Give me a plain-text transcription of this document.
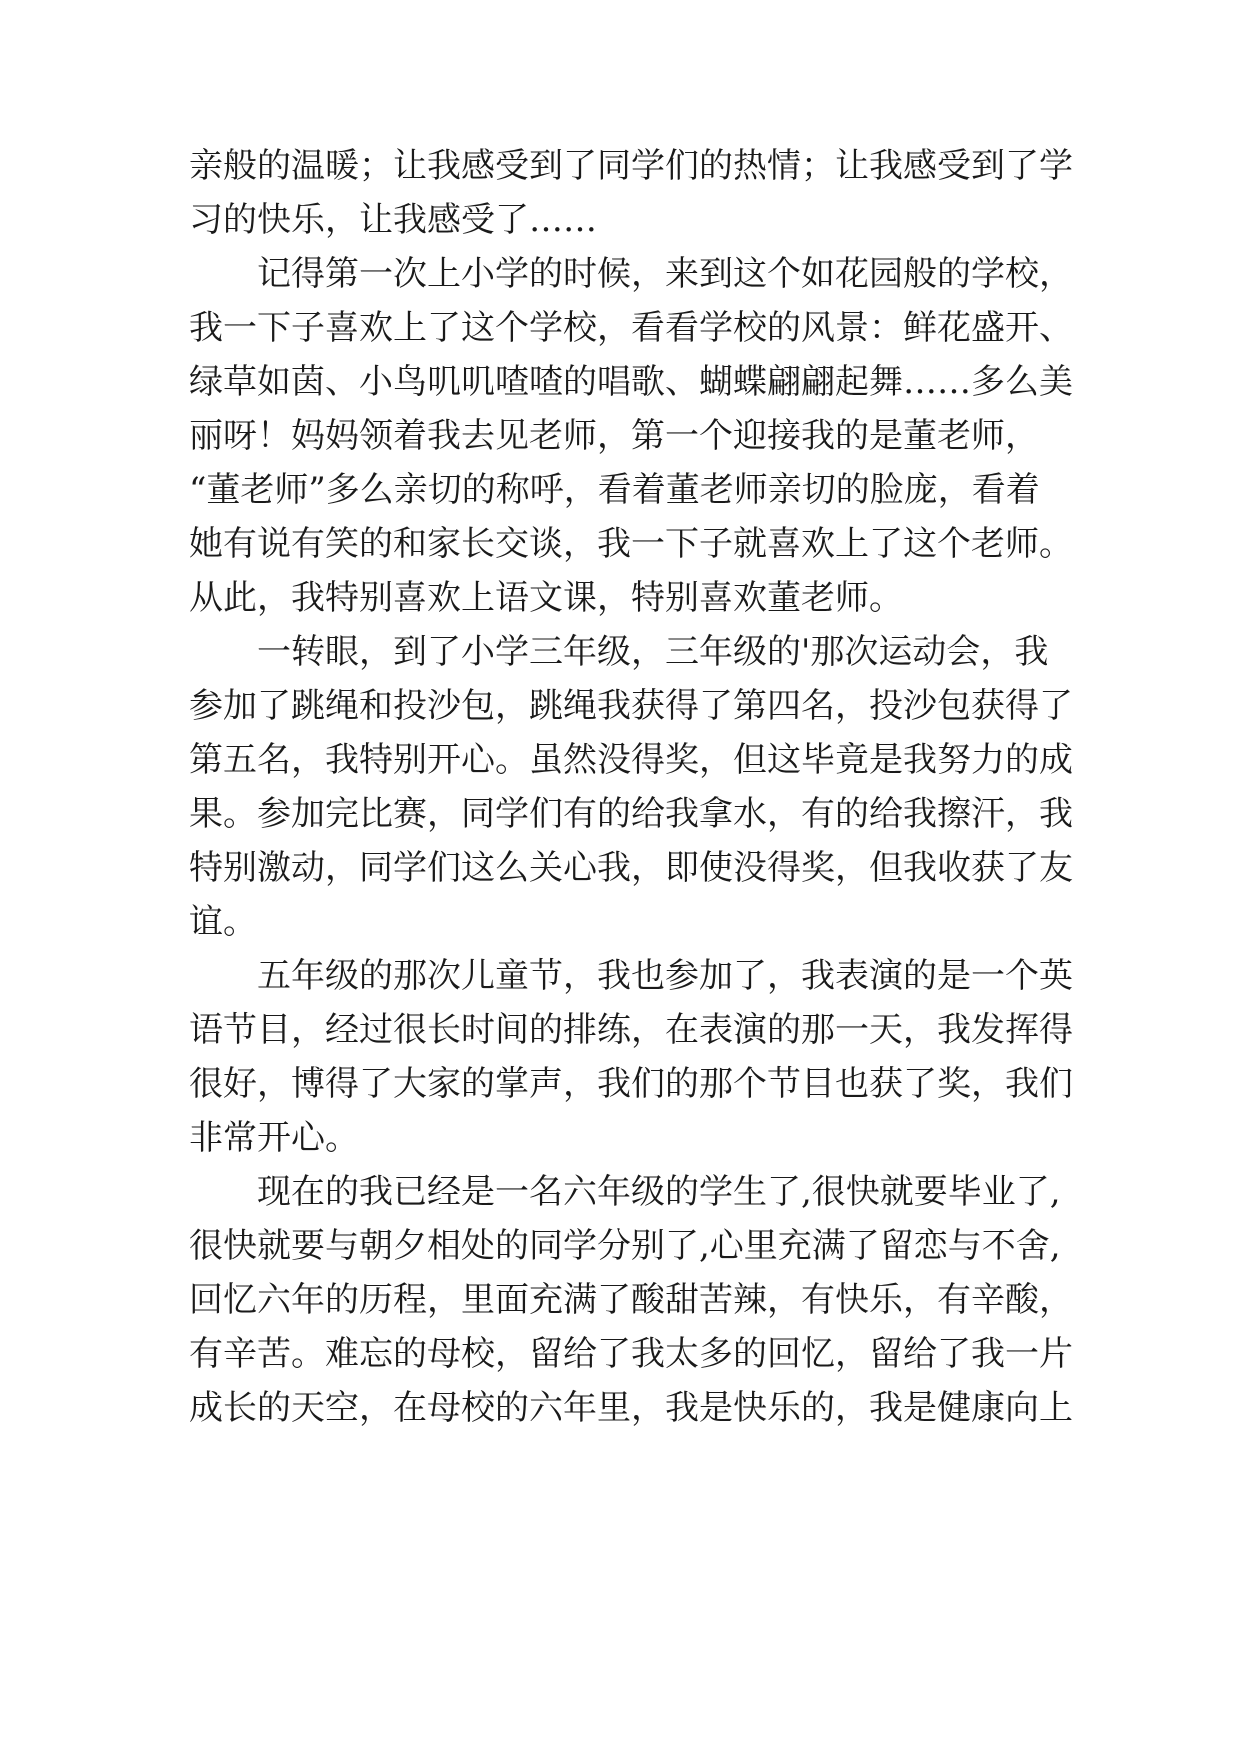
亲般的温暖；让我感受到了同学们的热情；让我感受到了学
习的快乐，让我感受了……
记得第一次上小学的时候，来到这个如花园般的学校，
我一下子喜欢上了这个学校，看看学校的风景：鲜花盛开、
绿草如茵、小鸟叽叽喳喳的唱歌、蝴蝶翩翩起舞……多么美
丽呀！妈妈领着我去见老师，第一个迎接我的是董老师，
“董老师”多么亲切的称呼，看着董老师亲切的脸庞，看着
她有说有笑的和家长交谈，我一下子就喜欢上了这个老师。
从此，我特别喜欢上语文课，特别喜欢董老师。
一转眼，到了小学三年级，三年级的'那次运动会，我
参加了跳绳和投沙包，跳绳我获得了第四名，投沙包获得了
第五名，我特别开心。虽然没得奖，但这毕竟是我努力的成
果。参加完比赛，同学们有的给我拿水，有的给我擦汗，我
特别激动，同学们这么关心我，即使没得奖，但我收获了友
谊。
五年级的那次儿童节，我也参加了，我表演的是一个英
语节目，经过很长时间的排练，在表演的那一天，我发挥得
很好，博得了大家的掌声，我们的那个节目也获了奖，我们
非常开心。
现在的我已经是一名六年级的学生了,很快就要毕业了,
很快就要与朝夕相处的同学分别了,心里充满了留恋与不舍,
回忆六年的历程，里面充满了酸甜苦辣，有快乐，有辛酸，
有辛苦。难忘的母校，留给了我太多的回忆，留给了我一片
成长的天空，在母校的六年里，我是快乐的，我是健康向上
